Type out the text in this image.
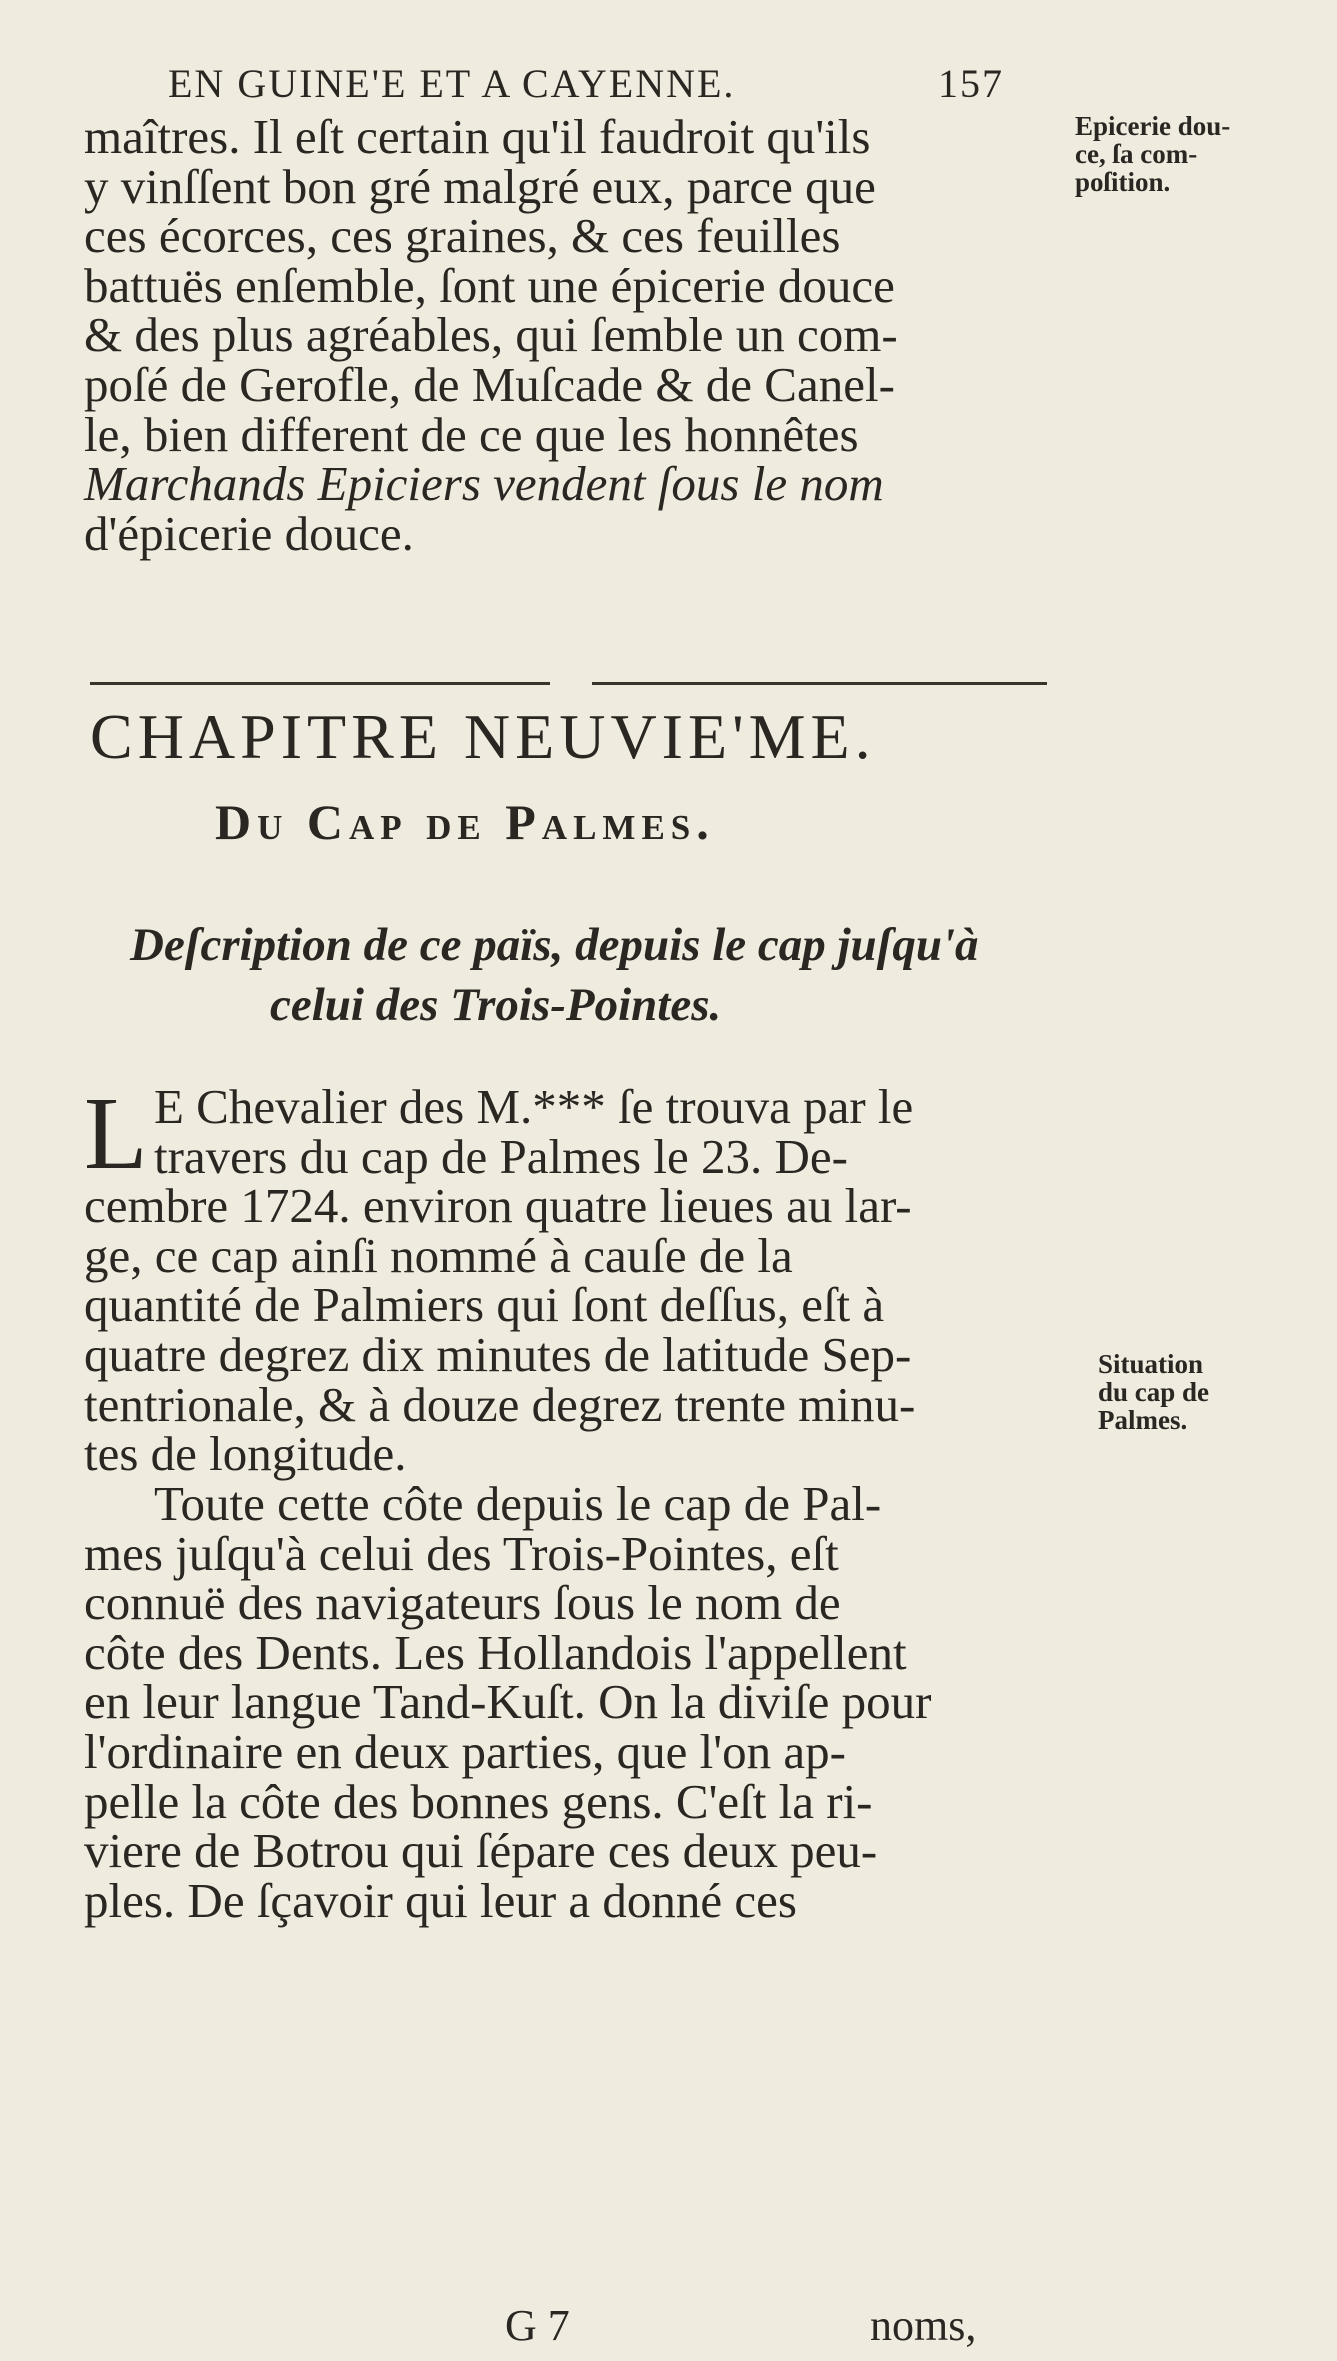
EN GUINE'E ET A CAYENNE.	157
maîtres. Il eſt certain qu'il faudroit qu'ils
y vinſſent bon gré malgré eux, parce que
ces écorces, ces graines, & ces feuilles
battuës enſemble, ſont une épicerie douce
& des plus agréables, qui ſemble un com-
poſé de Gerofle, de Muſcade & de Canel-
le, bien different de ce que les honnêtes
Marchands Epiciers vendent ſous le nom
d'épicerie douce.
Epicerie dou-
ce, ſa com-
poſition.
CHAPITRE NEUVIE'ME.
Du Cap de Palmes.
Deſcription de ce païs, depuis le cap juſqu'à
celui des Trois-Pointes.
L E Chevalier des M.*** ſe trouva par le
travers du cap de Palmes le 23. De-
cembre 1724. environ quatre lieues au lar-
ge, ce cap ainſi nommé à cauſe de la
quantité de Palmiers qui ſont deſſus, eſt à
quatre degrez dix minutes de latitude Sep-
tentrionale, & à douze degrez trente minu-
tes de longitude.
Situation
du cap de
Palmes.
Toute cette côte depuis le cap de Pal-
mes juſqu'à celui des Trois-Pointes, eſt
connuë des navigateurs ſous le nom de
côte des Dents. Les Hollandois l'appellent
en leur langue Tand-Kuſt. On la diviſe pour
l'ordinaire en deux parties, que l'on ap-
pelle la côte des bonnes gens. C'eſt la ri-
viere de Botrou qui ſépare ces deux peu-
ples. De ſçavoir qui leur a donné ces
G 7	noms,
